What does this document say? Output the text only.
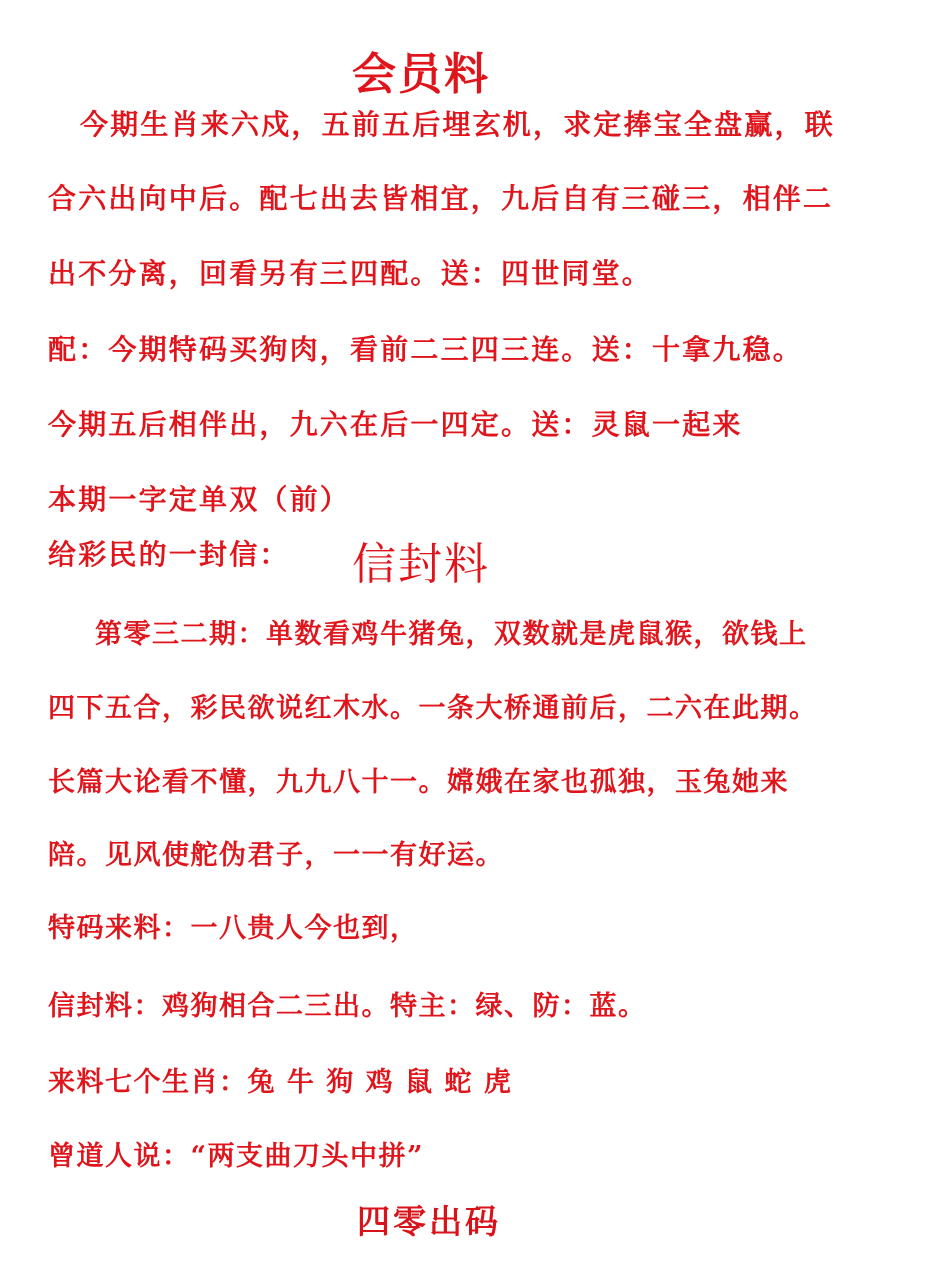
会员料
今期生肖来六戍，五前五后埋玄机，求定捧宝全盘赢，联
合六出向中后。配七出去皆相宜，九后自有三碰三，相伴二
出不分离，回看另有三四配。送：四世同堂。
配：今期特码买狗肉，看前二三四三连。送：十拿九稳。
今期五后相伴出，九六在后一四定。送：灵鼠一起来
本期一字定单双（前）
给彩民的一封信： 信封料
第零三二期：单数看鸡牛猪兔，双数就是虎鼠猴，欲钱上
四下五合，彩民欲说红木水。一条大桥通前后，二六在此期。
长篇大论看不懂，九九八十一。嫦娥在家也孤独，玉兔她来
陪。见风使舵伪君子，一一有好运。
特码来料：一八贵人今也到，
信封料：鸡狗相合二三出。特主：绿、防：蓝。
来料七个生肖：兔 牛 狗 鸡 鼠 蛇 虎
曾道人说：“两支曲刀头中拼”
四零出码
